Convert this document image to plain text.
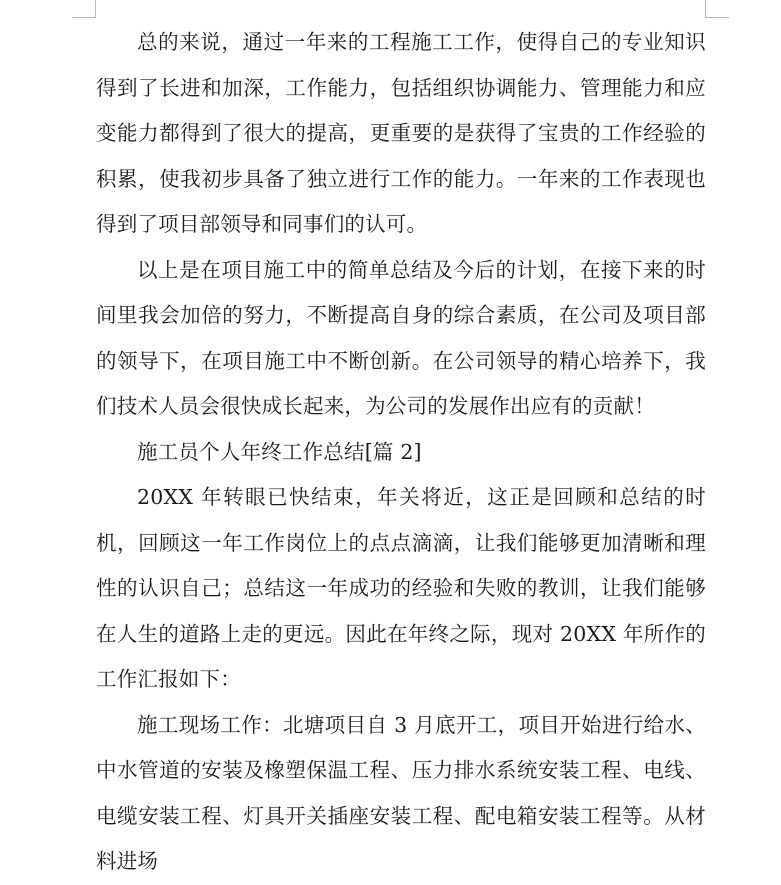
总的来说，通过一年来的工程施工工作，使得自己的专业知识得到了长进和加深，工作能力，包括组织协调能力、管理能力和应变能力都得到了很大的提高，更重要的是获得了宝贵的工作经验的积累，使我初步具备了独立进行工作的能力。一年来的工作表现也得到了项目部领导和同事们的认可。

以上是在项目施工中的简单总结及今后的计划，在接下来的时间里我会加倍的努力，不断提高自身的综合素质，在公司及项目部的领导下，在项目施工中不断创新。在公司领导的精心培养下，我们技术人员会很快成长起来，为公司的发展作出应有的贡献！

施工员个人年终工作总结[篇 2]

20XX 年转眼已快结束，年关将近，这正是回顾和总结的时机，回顾这一年工作岗位上的点点滴滴，让我们能够更加清晰和理性的认识自己；总结这一年成功的经验和失败的教训，让我们能够在人生的道路上走的更远。因此在年终之际，现对 20XX 年所作的工作汇报如下：

施工现场工作：北塘项目自 3 月底开工，项目开始进行给水、中水管道的安装及橡塑保温工程、压力排水系统安装工程、电线、电缆安装工程、灯具开关插座安装工程、配电箱安装工程等。从材料进场
